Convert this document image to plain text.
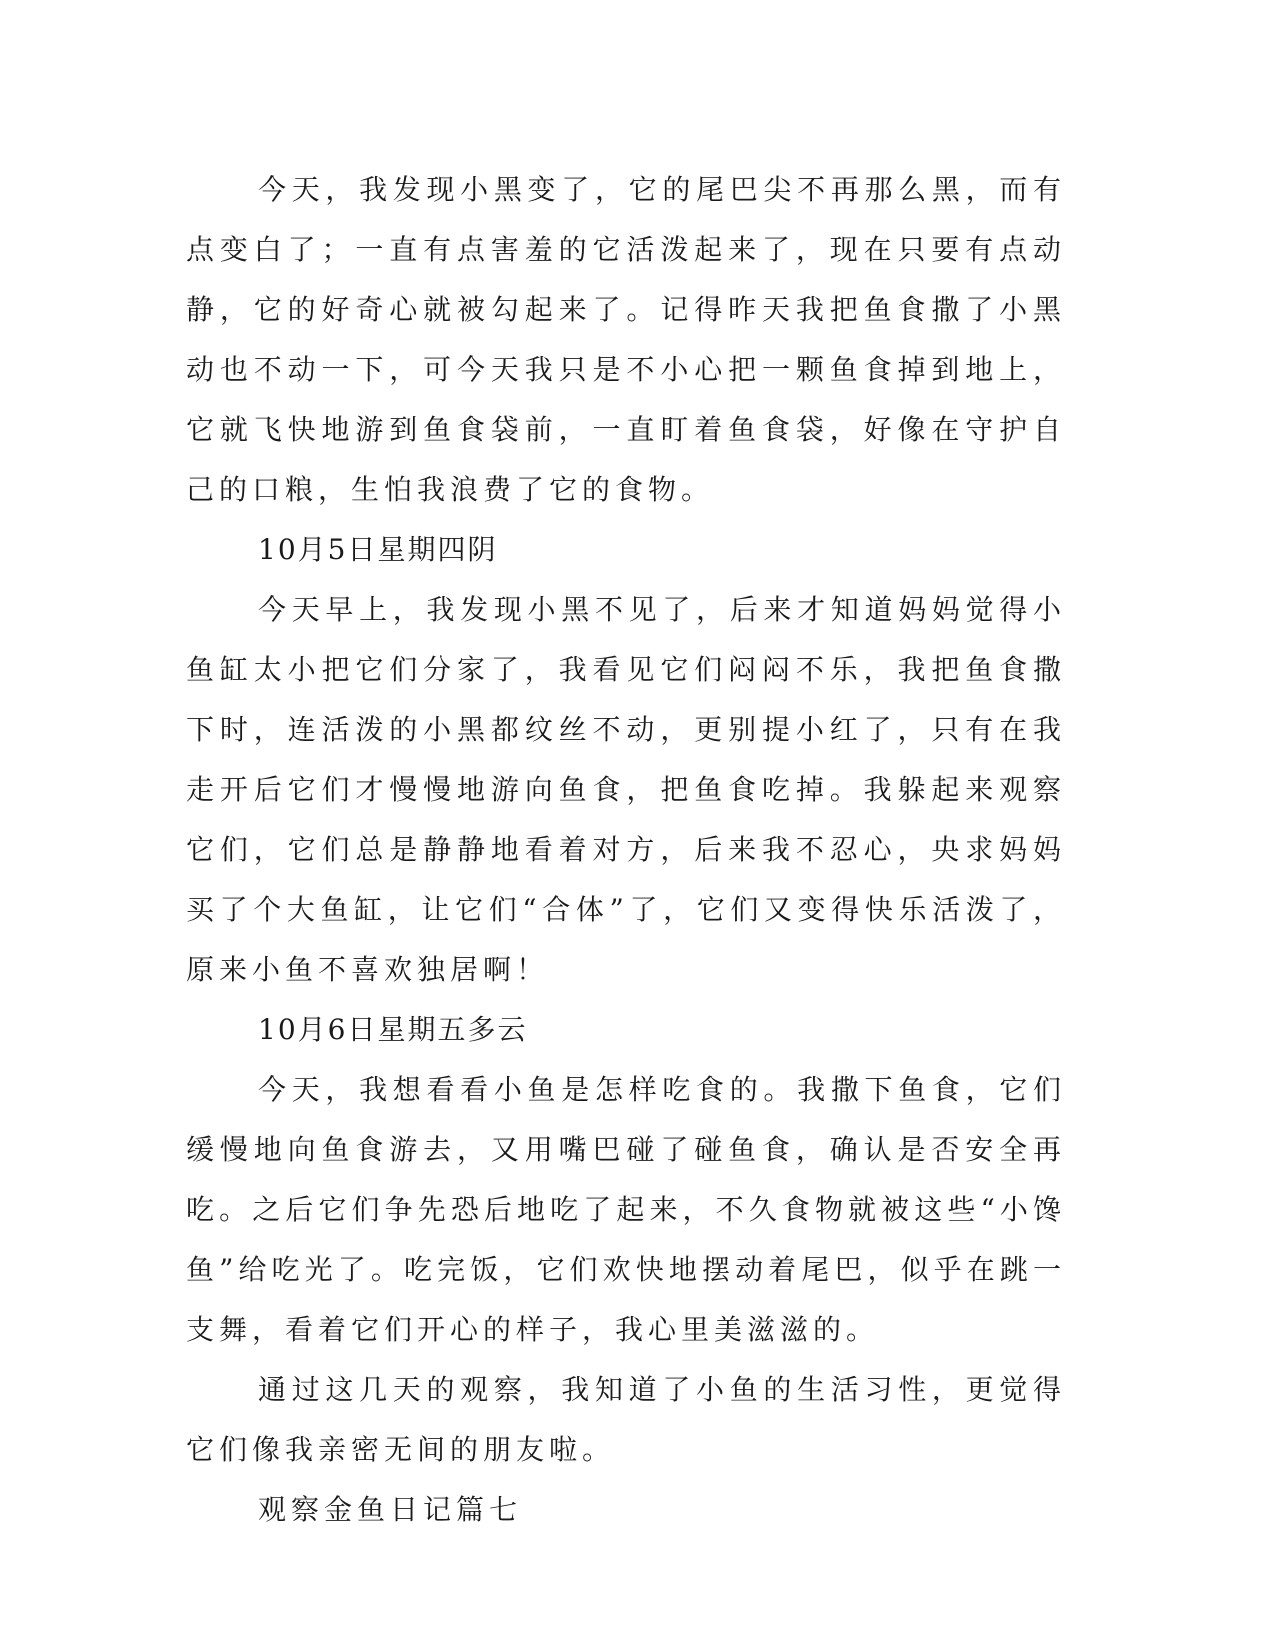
今天，我发现小黑变了，它的尾巴尖不再那么黑，而有点变白了；一直有点害羞的它活泼起来了，现在只要有点动静，它的好奇心就被勾起来了。记得昨天我把鱼食撒了小黑动也不动一下，可今天我只是不小心把一颗鱼食掉到地上，它就飞快地游到鱼食袋前，一直盯着鱼食袋，好像在守护自己的口粮，生怕我浪费了它的食物。

10月5日星期四阴

今天早上，我发现小黑不见了，后来才知道妈妈觉得小鱼缸太小把它们分家了，我看见它们闷闷不乐，我把鱼食撒下时，连活泼的小黑都纹丝不动，更别提小红了，只有在我走开后它们才慢慢地游向鱼食，把鱼食吃掉。我躲起来观察它们，它们总是静静地看着对方，后来我不忍心，央求妈妈买了个大鱼缸，让它们“合体”了，它们又变得快乐活泼了，原来小鱼不喜欢独居啊！

10月6日星期五多云

今天，我想看看小鱼是怎样吃食的。我撒下鱼食，它们缓慢地向鱼食游去，又用嘴巴碰了碰鱼食，确认是否安全再吃。之后它们争先恐后地吃了起来，不久食物就被这些“小馋鱼”给吃光了。吃完饭，它们欢快地摆动着尾巴，似乎在跳一支舞，看着它们开心的样子，我心里美滋滋的。

通过这几天的观察，我知道了小鱼的生活习性，更觉得它们像我亲密无间的朋友啦。

观察金鱼日记篇七
